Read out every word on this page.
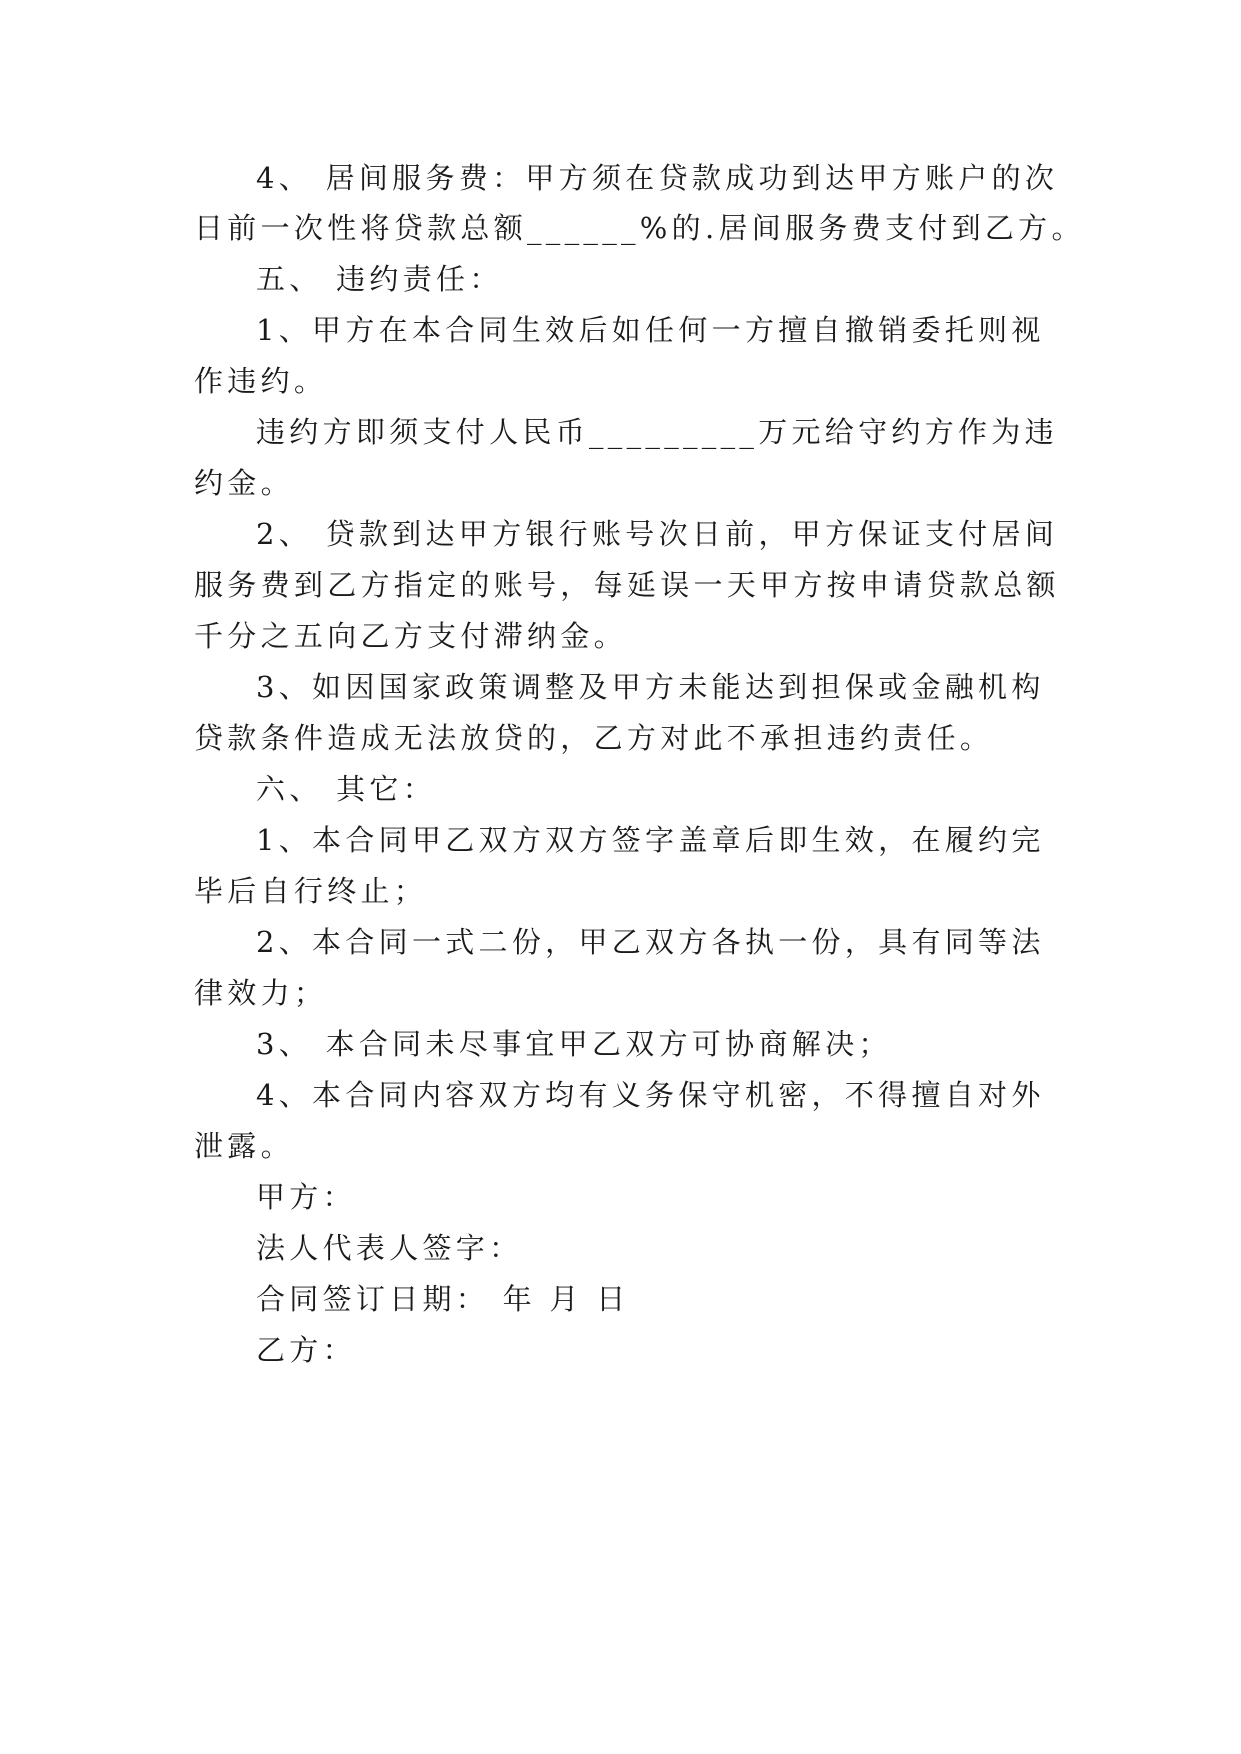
4、 居间服务费：甲方须在贷款成功到达甲方账户的次
日前一次性将贷款总额______%的.居间服务费支付到乙方。
五、 违约责任：
1、甲方在本合同生效后如任何一方擅自撤销委托则视
作违约。
违约方即须支付人民币_________万元给守约方作为违
约金。
2、 贷款到达甲方银行账号次日前，甲方保证支付居间
服务费到乙方指定的账号，每延误一天甲方按申请贷款总额
千分之五向乙方支付滞纳金。
3、如因国家政策调整及甲方未能达到担保或金融机构
贷款条件造成无法放贷的，乙方对此不承担违约责任。
六、 其它：
1、本合同甲乙双方双方签字盖章后即生效，在履约完
毕后自行终止；
2、本合同一式二份，甲乙双方各执一份，具有同等法
律效力；
3、 本合同未尽事宜甲乙双方可协商解决；
4、本合同内容双方均有义务保守机密，不得擅自对外
泄露。
甲方：
法人代表人签字：
合同签订日期： 年 月 日
乙方：
